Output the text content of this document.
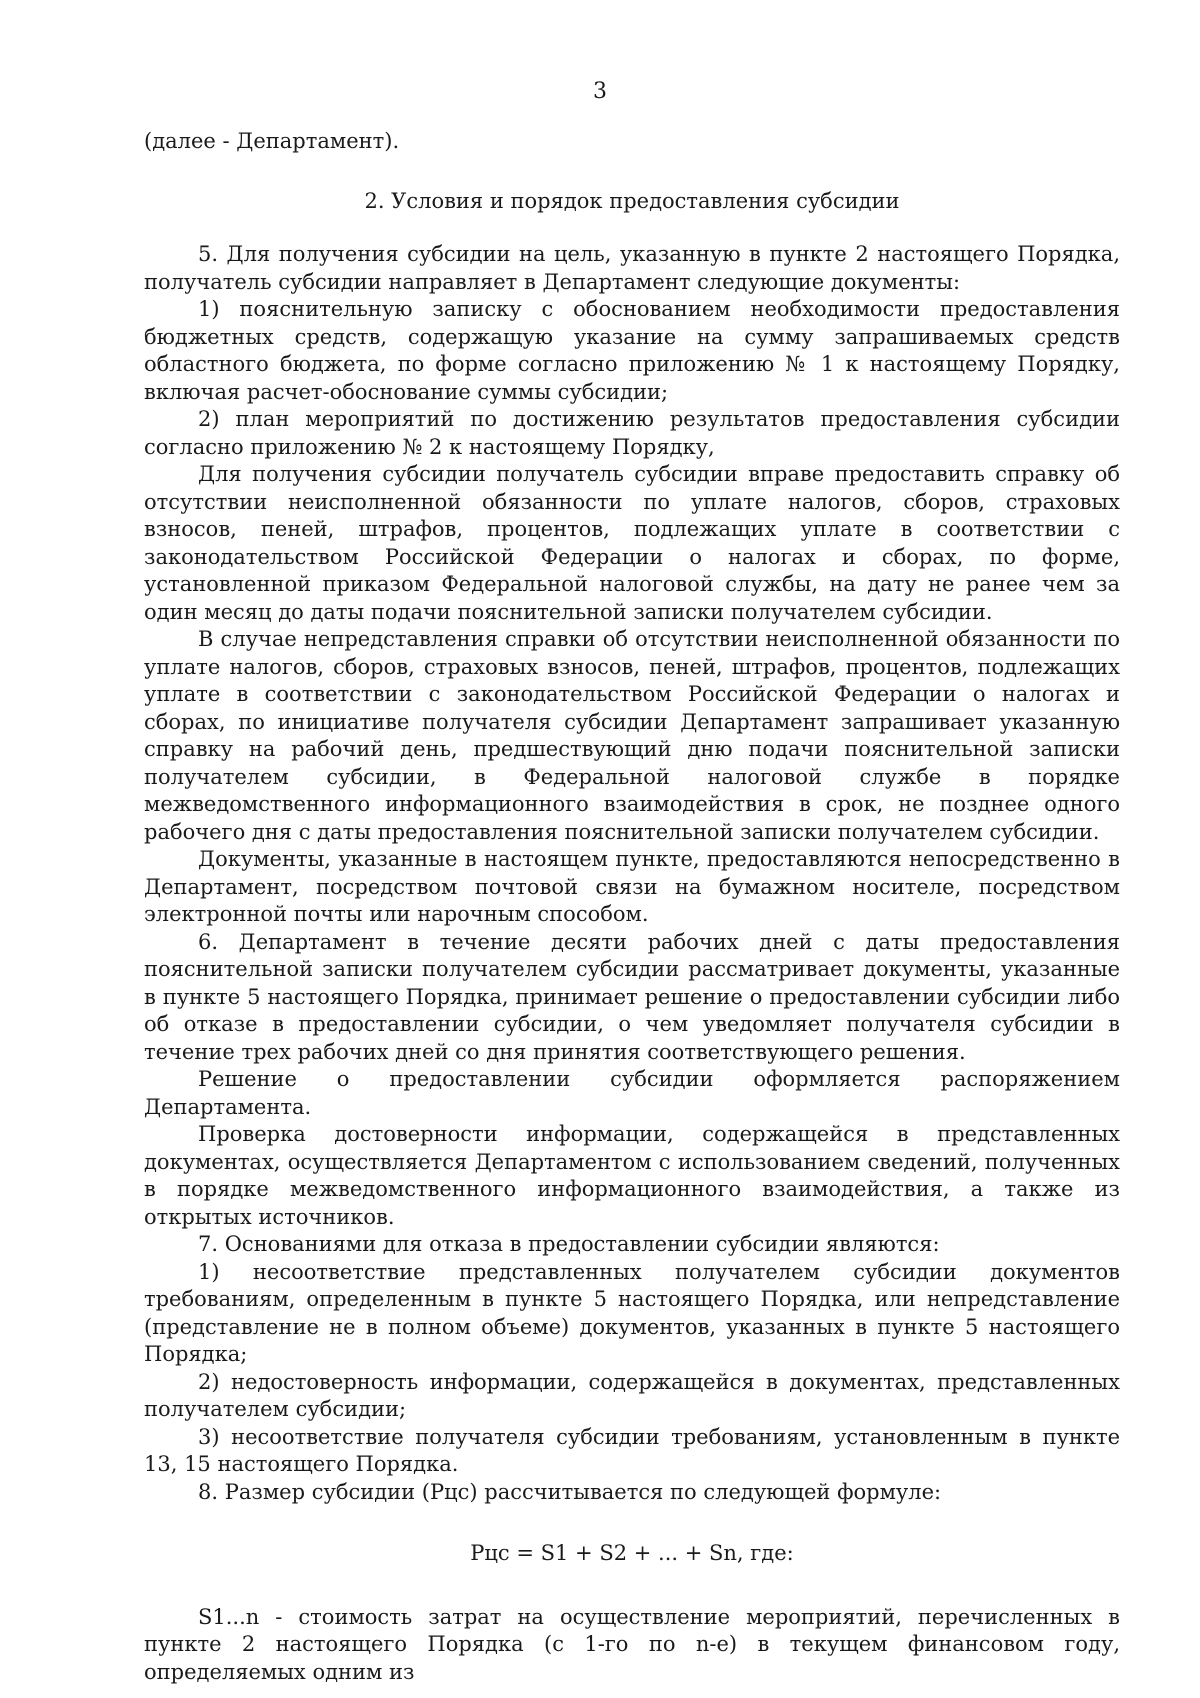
3

(далее - Департамент).

2. Условия и порядок предоставления субсидии

5. Для получения субсидии на цель, указанную в пункте 2 настоящего Порядка, получатель субсидии направляет в Департамент следующие документы:

1) пояснительную записку с обоснованием необходимости предоставления бюджетных средств, содержащую указание на сумму запрашиваемых средств областного бюджета, по форме согласно приложению № 1 к настоящему Порядку, включая расчет-обоснование суммы субсидии;

2) план мероприятий по достижению результатов предоставления субсидии согласно приложению № 2 к настоящему Порядку,

Для получения субсидии получатель субсидии вправе предоставить справку об отсутствии неисполненной обязанности по уплате налогов, сборов, страховых взносов, пеней, штрафов, процентов, подлежащих уплате в соответствии с законодательством Российской Федерации о налогах и сборах, по форме, установленной приказом Федеральной налоговой службы, на дату не ранее чем за один месяц до даты подачи пояснительной записки получателем субсидии.

В случае непредставления справки об отсутствии неисполненной обязанности по уплате налогов, сборов, страховых взносов, пеней, штрафов, процентов, подлежащих уплате в соответствии с законодательством Российской Федерации о налогах и сборах, по инициативе получателя субсидии Департамент запрашивает указанную справку на рабочий день, предшествующий дню подачи пояснительной записки получателем субсидии, в Федеральной налоговой службе в порядке межведомственного информационного взаимодействия в срок, не позднее одного рабочего дня с даты предоставления пояснительной записки получателем субсидии.

Документы, указанные в настоящем пункте, предоставляются непосредственно в Департамент, посредством почтовой связи на бумажном носителе, посредством электронной почты или нарочным способом.

6. Департамент в течение десяти рабочих дней с даты предоставления пояснительной записки получателем субсидии рассматривает документы, указанные в пункте 5 настоящего Порядка, принимает решение о предоставлении субсидии либо об отказе в предоставлении субсидии, о чем уведомляет получателя субсидии в течение трех рабочих дней со дня принятия соответствующего решения.

Решение о предоставлении субсидии оформляется распоряжением Департамента.

Проверка достоверности информации, содержащейся в представленных документах, осуществляется Департаментом с использованием сведений, полученных в порядке межведомственного информационного взаимодействия, а также из открытых источников.

7. Основаниями для отказа в предоставлении субсидии являются:

1) несоответствие представленных получателем субсидии документов требованиям, определенным в пункте 5 настоящего Порядка, или непредставление (представление не в полном объеме) документов, указанных в пункте 5 настоящего Порядка;

2) недостоверность информации, содержащейся в документах, представленных получателем субсидии;

3) несоответствие получателя субсидии требованиям, установленным в пункте 13, 15 настоящего Порядка.

8. Размер субсидии (Рцс) рассчитывается по следующей формуле:

Рцс = S1 + S2 + ... + Sn, где:

S1...n - стоимость затрат на осуществление мероприятий, перечисленных в пункте 2 настоящего Порядка (с 1-го по n-е) в текущем финансовом году, определяемых одним из
